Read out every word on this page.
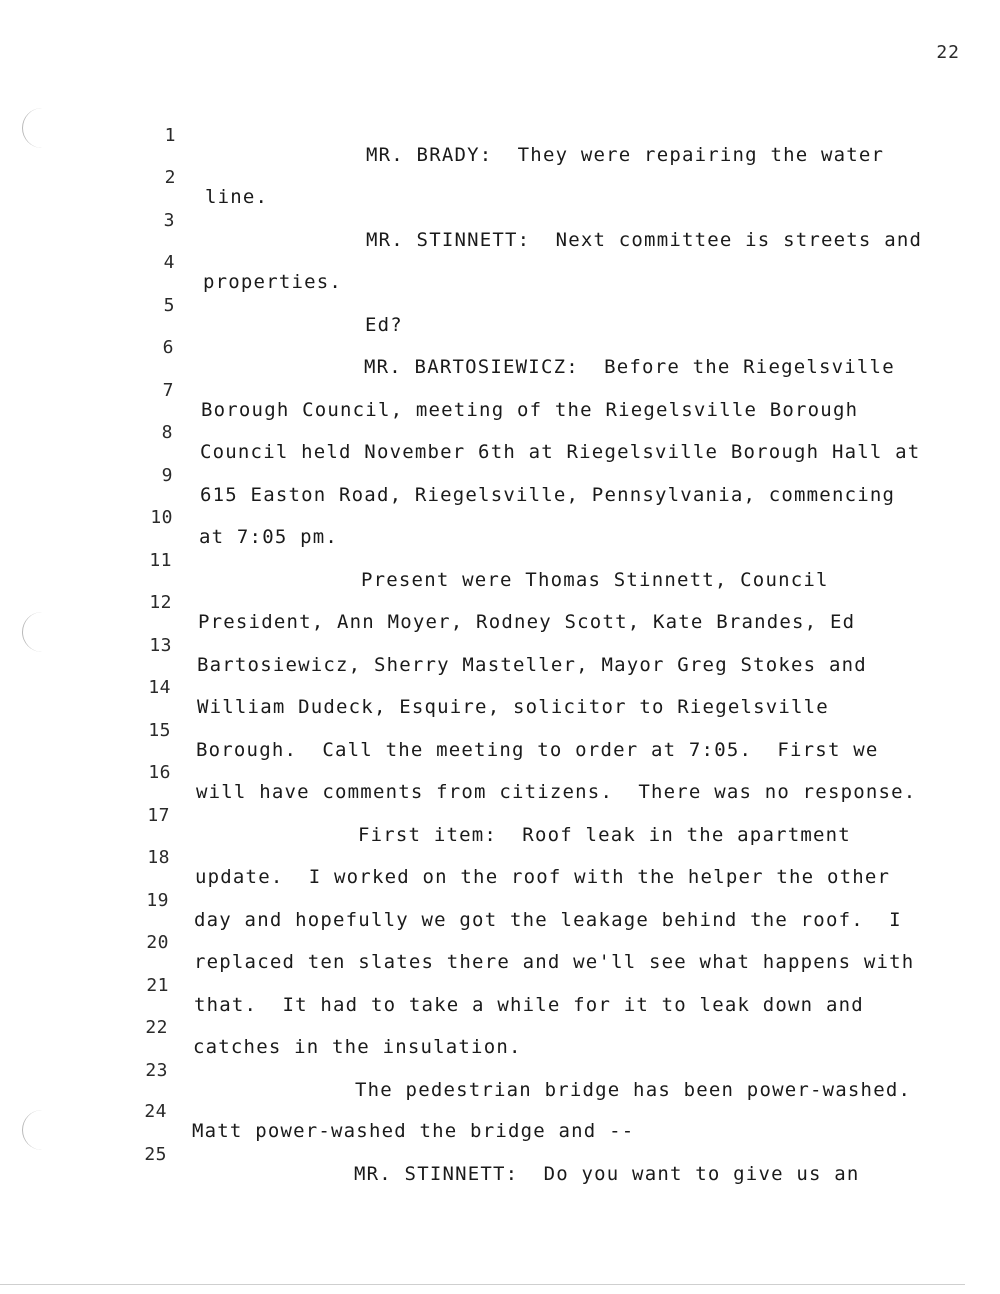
22

1

MR. BRADY:  They were repairing the water

2

line.

3

MR. STINNETT:  Next committee is streets and

4

properties.

5

Ed?

6

MR. BARTOSIEWICZ:  Before the Riegelsville

7

Borough Council, meeting of the Riegelsville Borough

8

Council held November 6th at Riegelsville Borough Hall at

9

615 Easton Road, Riegelsville, Pennsylvania, commencing

10

at 7:05 pm.

11

Present were Thomas Stinnett, Council

12

President, Ann Moyer, Rodney Scott, Kate Brandes, Ed

13

Bartosiewicz, Sherry Masteller, Mayor Greg Stokes and

14

William Dudeck, Esquire, solicitor to Riegelsville

15

Borough.  Call the meeting to order at 7:05.  First we

16

will have comments from citizens.  There was no response.

17

First item:  Roof leak in the apartment

18

update.  I worked on the roof with the helper the other

19

day and hopefully we got the leakage behind the roof.  I

20

replaced ten slates there and we'll see what happens with

21

that.  It had to take a while for it to leak down and

22

catches in the insulation.

23

The pedestrian bridge has been power-washed.

24

Matt power-washed the bridge and --

25

MR. STINNETT:  Do you want to give us an
